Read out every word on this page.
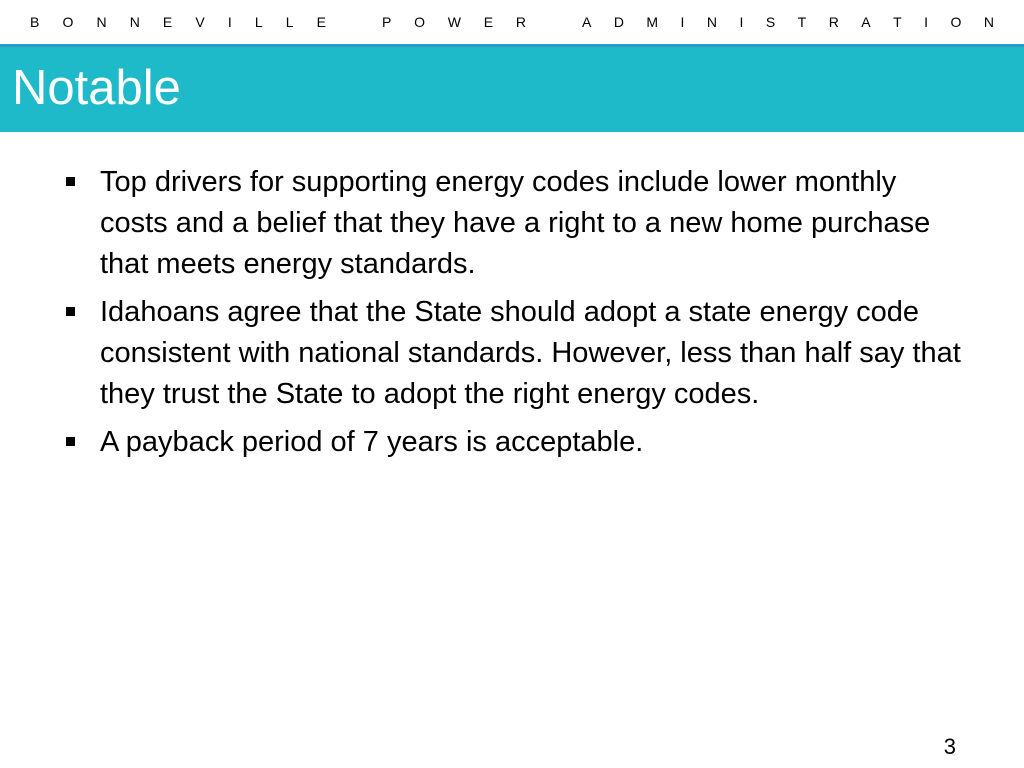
B O N N E V I L L E	P O W E R	A D M I N I S T R A T I O N
Notable
Top drivers for supporting energy codes include lower monthly costs and a belief that they have a right to a new home purchase that meets energy standards.
Idahoans agree that the State should adopt a state energy code consistent with national standards. However, less than half say that they trust the State to adopt the right energy codes.
A payback period of 7 years is acceptable.
3
